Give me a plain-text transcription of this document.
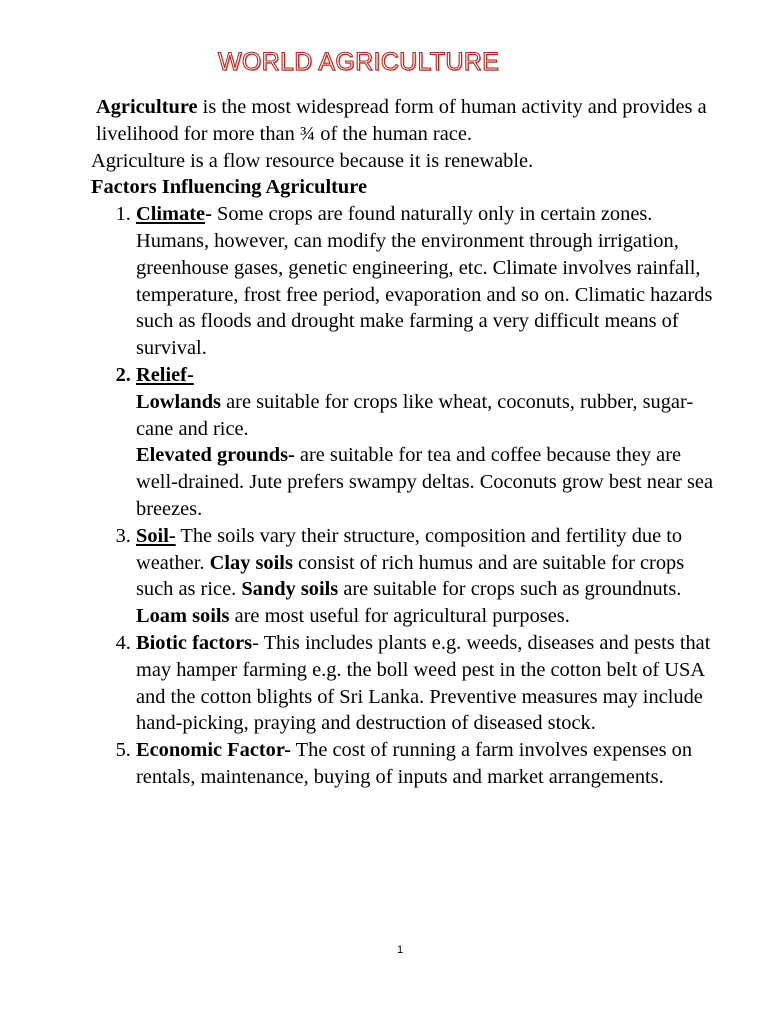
WORLD AGRICULTURE

Agriculture is the most widespread form of human activity and provides a livelihood for more than ¾ of the human race.

Agriculture is a flow resource because it is renewable.

Factors Influencing Agriculture

1. Climate- Some crops are found naturally only in certain zones. Humans, however, can modify the environment through irrigation, greenhouse gases, genetic engineering, etc. Climate involves rainfall, temperature, frost free period, evaporation and so on. Climatic hazards such as floods and drought make farming a very difficult means of survival.
2. Relief-
Lowlands are suitable for crops like wheat, coconuts, rubber, sugar-cane and rice.
Elevated grounds- are suitable for tea and coffee because they are well-drained. Jute prefers swampy deltas. Coconuts grow best near sea breezes.
3. Soil- The soils vary their structure, composition and fertility due to weather. Clay soils consist of rich humus and are suitable for crops such as rice. Sandy soils are suitable for crops such as groundnuts. Loam soils are most useful for agricultural purposes.
4. Biotic factors- This includes plants e.g. weeds, diseases and pests that may hamper farming e.g. the boll weed pest in the cotton belt of USA and the cotton blights of Sri Lanka. Preventive measures may include hand-picking, praying and destruction of diseased stock.
5. Economic Factor- The cost of running a farm involves expenses on rentals, maintenance, buying of inputs and market arrangements.
1
